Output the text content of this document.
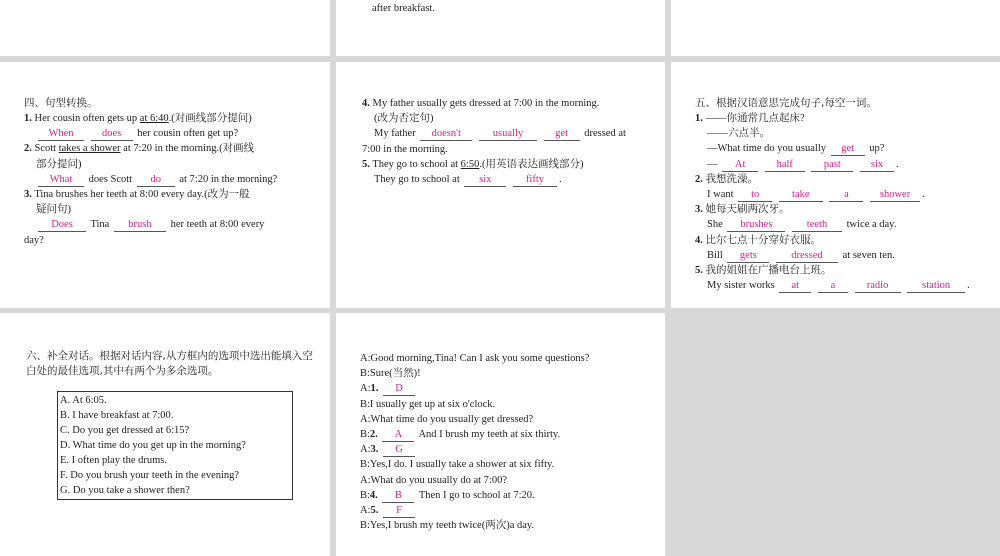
after breakfast.
四、句型转换。
1. Her cousin often gets up at 6:40.(对画线部分提问)
When	does her cousin often get up?
2. Scott takes a shower at 7:20 in the morning.(对画线
部分提问)
What does Scott do at 7:20 in the morning?
3. Tina brushes her teeth at 8:00 every day.(改为一般
疑问句)
Does Tina brush her teeth at 8:00 every
day?
4. My father usually gets dressed at 7:00 in the morning.
(改为否定句)
My father doesn't	usually	get dressed at
7:00 in the morning.
5. They go to school at 6:50.(用英语表达画线部分)
They go to school at six	fifty .
五、根据汉语意思完成句子,每空一词。
1. ——你通常几点起床?
——六点半。
—What time do you usually get up?
— At	half	past	six .
2. 我想洗澡。
I want to	take	a	shower .
3. 她每天刷两次牙。
She brushes	teeth twice a day.
4. 比尔七点十分穿好衣服。
Bill gets	dressed at seven ten.
5. 我的姐姐在广播电台上班。
My sister works at	a	radio	station .
六、补全对话。根据对话内容,从方框内的选项中选出能填入空白处的最佳选项,其中有两个为多余选项。
A. At 6:05.
B. I have breakfast at 7:00.
C. Do you get dressed at 6:15?
D. What time do you get up in the morning?
E. I often play the drums.
F. Do you brush your teeth in the evening?
G. Do you take a shower then?
A:Good morning,Tina! Can I ask you some questions?
B:Sure(当然)!
A:1. D
B:I usually get up at six o'clock.
A:What time do you usually get dressed?
B:2. A And I brush my teeth at six thirty.
A:3. G
B:Yes,I do. I usually take a shower at six fifty.
A:What do you usually do at 7:00?
B:4. B Then I go to school at 7:20.
A:5. F
B:Yes,I brush my teeth twice(两次)a day.
